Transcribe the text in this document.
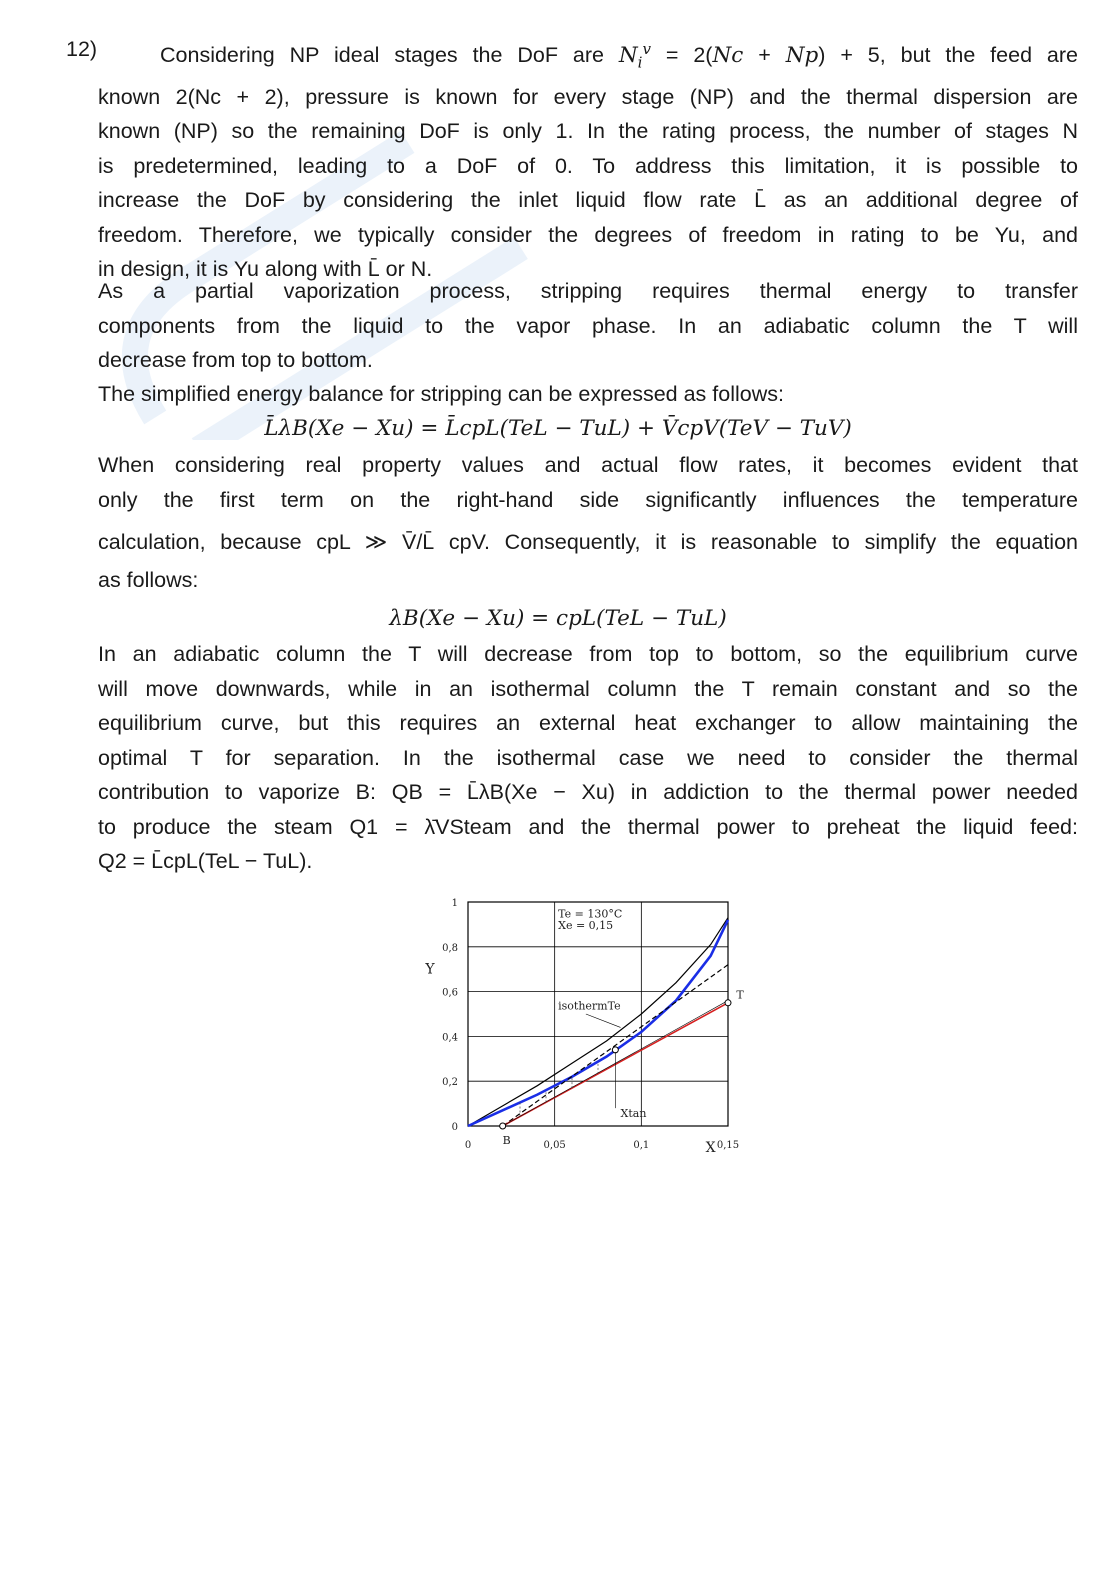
12)	Considering NP ideal stages the DoF are $N_i^v = 2(Nc + Np) + 5$, but the feed are
known 2(Nc + 2), pressure is known for every stage (NP) and the thermal dispersion are
known (NP) so the remaining DoF is only 1. In the rating process, the number of stages N
is predetermined, leading to a DoF of 0. To address this limitation, it is possible to
increase the DoF by considering the inlet liquid flow rate L̄ as an additional degree of
freedom. Therefore, we typically consider the degrees of freedom in rating to be Yu, and
in design, it is Yu along with L̄ or N.
As a partial vaporization process, stripping requires thermal energy to transfer
components from the liquid to the vapor phase. In an adiabatic column the T will
decrease from top to bottom.
The simplified energy balance for stripping can be expressed as follows:
L̄λB(Xe − Xu) = L̄cpL(TeL − TuL) + V̄cpV(TeV − TuV)
When considering real property values and actual flow rates, it becomes evident that
only the first term on the right-hand side significantly influences the temperature
calculation, because cpL ≫ V̄/L̄ cpV. Consequently, it is reasonable to simplify the equation
as follows:
λB(Xe − Xu) = cpL(TeL − TuL)
In an adiabatic column the T will decrease from top to bottom, so the equilibrium curve
will move downwards, while in an isothermal column the T remain constant and so the
equilibrium curve, but this requires an external heat exchanger to allow maintaining the
optimal T for separation. In the isothermal case we need to consider the thermal
contribution to vaporize B: QB = L̄λB(Xe − Xu) in addiction to the thermal power needed
to produce the steam Q1 = λ̄VSteam and the thermal power to preheat the liquid feed:
Q2 = L̄cpL(TeL − TuL).
0	0,05	0,1	0,15
0
0,2
0,4
0,6
0,8
1
X
Y
Te = 130°C
Xe = 0,15
isothermTe
Xtan
B
T
